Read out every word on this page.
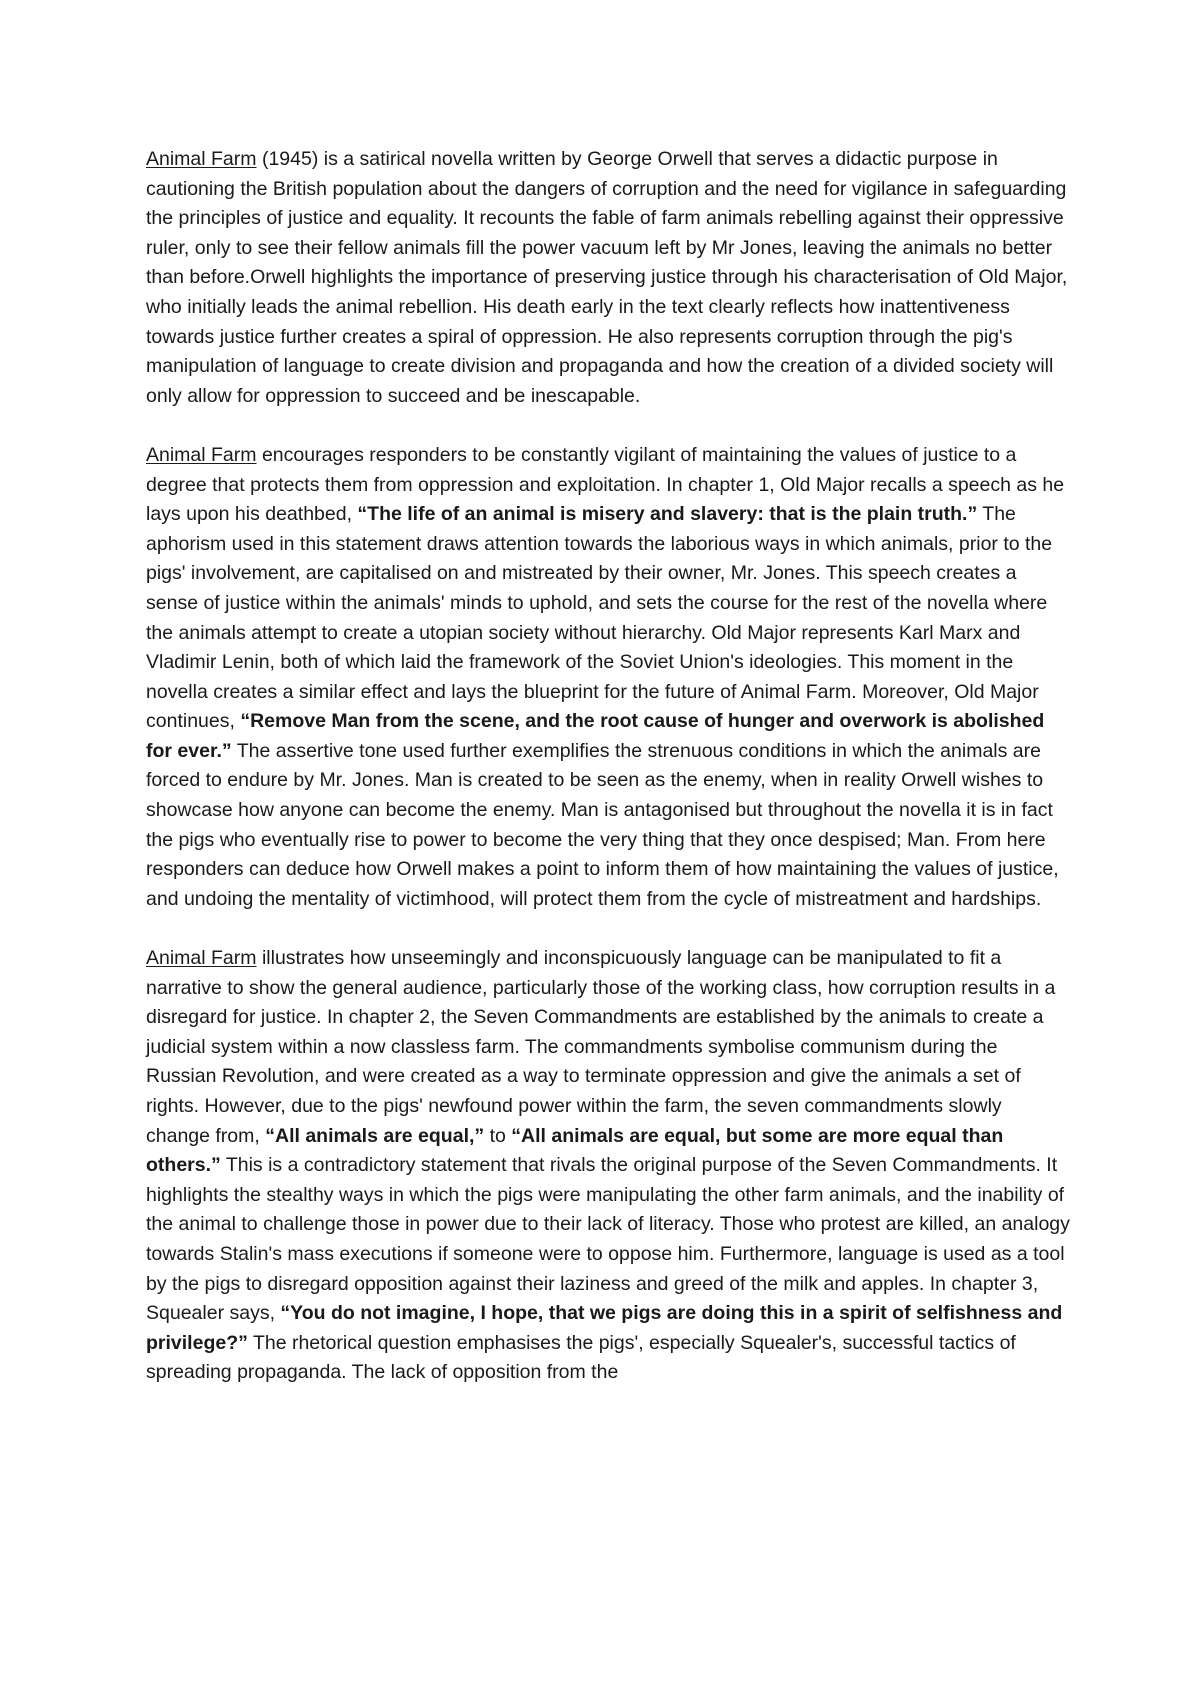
Animal Farm (1945) is a satirical novella written by George Orwell that serves a didactic purpose in cautioning the British population about the dangers of corruption and the need for vigilance in safeguarding the principles of justice and equality. It recounts the fable of farm animals rebelling against their oppressive ruler, only to see their fellow animals fill the power vacuum left by Mr Jones, leaving the animals no better than before.Orwell highlights the importance of preserving justice through his characterisation of Old Major, who initially leads the animal rebellion. His death early in the text clearly reflects how inattentiveness towards justice further creates a spiral of oppression. He also represents corruption through the pig's manipulation of language to create division and propaganda and how the creation of a divided society will only allow for oppression to succeed and be inescapable.

Animal Farm encourages responders to be constantly vigilant of maintaining the values of justice to a degree that protects them from oppression and exploitation. In chapter 1, Old Major recalls a speech as he lays upon his deathbed, “The life of an animal is misery and slavery: that is the plain truth.” The aphorism used in this statement draws attention towards the laborious ways in which animals, prior to the pigs' involvement, are capitalised on and mistreated by their owner, Mr. Jones. This speech creates a sense of justice within the animals' minds to uphold, and sets the course for the rest of the novella where the animals attempt to create a utopian society without hierarchy. Old Major represents Karl Marx and Vladimir Lenin, both of which laid the framework of the Soviet Union's ideologies. This moment in the novella creates a similar effect and lays the blueprint for the future of Animal Farm. Moreover, Old Major continues, “Remove Man from the scene, and the root cause of hunger and overwork is abolished for ever.” The assertive tone used further exemplifies the strenuous conditions in which the animals are forced to endure by Mr. Jones. Man is created to be seen as the enemy, when in reality Orwell wishes to showcase how anyone can become the enemy. Man is antagonised but throughout the novella it is in fact the pigs who eventually rise to power to become the very thing that they once despised; Man. From here responders can deduce how Orwell makes a point to inform them of how maintaining the values of justice, and undoing the mentality of victimhood, will protect them from the cycle of mistreatment and hardships.

Animal Farm illustrates how unseemingly and inconspicuously language can be manipulated to fit a narrative to show the general audience, particularly those of the working class, how corruption results in a disregard for justice. In chapter 2, the Seven Commandments are established by the animals to create a judicial system within a now classless farm. The commandments symbolise communism during the Russian Revolution, and were created as a way to terminate oppression and give the animals a set of rights. However, due to the pigs' newfound power within the farm, the seven commandments slowly change from, “All animals are equal,” to “All animals are equal, but some are more equal than others.” This is a contradictory statement that rivals the original purpose of the Seven Commandments. It highlights the stealthy ways in which the pigs were manipulating the other farm animals, and the inability of the animal to challenge those in power due to their lack of literacy. Those who protest are killed, an analogy towards Stalin's mass executions if someone were to oppose him. Furthermore, language is used as a tool by the pigs to disregard opposition against their laziness and greed of the milk and apples. In chapter 3, Squealer says, “You do not imagine, I hope, that we pigs are doing this in a spirit of selfishness and privilege?” The rhetorical question emphasises the pigs', especially Squealer's, successful tactics of spreading propaganda. The lack of opposition from the
